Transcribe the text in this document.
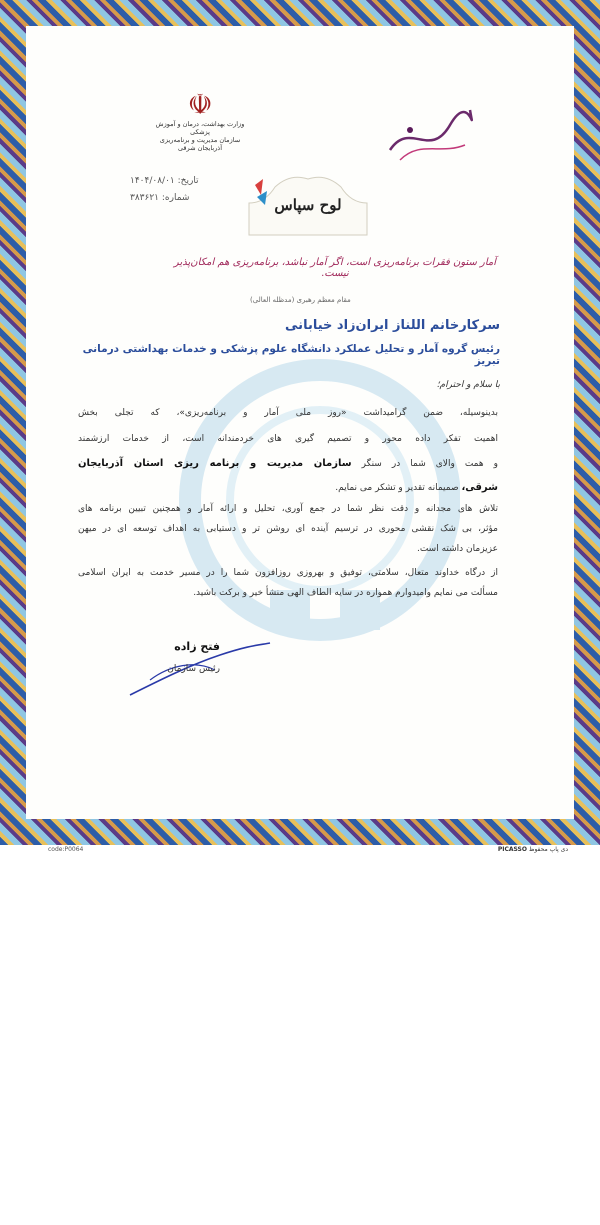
☫
وزارت بهداشت، درمان و آموزش پزشکی
سازمان مدیریت و برنامه‌ریزی
آذربایجان شرقی
تاریخ: ۱۴۰۴/۰۸/۰۱
شماره: ۳۸۳۶۲۱	لوح سپاس
آمار ستون فقرات برنامه‌ریزی است، اگر آمار نباشد، برنامه‌ریزی هم امکان‌پذیر نیست.
مقام معظم رهبری (مدظله العالی)
سرکارخانم اللناز ایران‌زاد خیابانی
رئیس گروه آمار و تحلیل عملکرد دانشگاه علوم پزشکی و خدمات بهداشتی درمانی تبریز
با سلام و احترام؛
بدینوسیله، ضمن گرامیداشت «روز ملی آمار و برنامه‌ریزی»، که تجلی بخش
اهمیت تفکر داده محور و تصمیم گیری های خردمندانه است، از خدمات ارزشمند
و همت والای شما در سنگر سازمان مدیریت و برنامه ریزی استان آذربایجان
شرقی، صمیمانه تقدیر و تشکر می نمایم.
تلاش های مجدانه و دقت نظر شما در جمع آوری، تحلیل و ارائه آمار و همچنین تبیین برنامه های
مؤثر، بی شک نقشی محوری در ترسیم آینده ای روشن تر و دستیابی به اهداف توسعه ای در میهن
عزیزمان داشته است.
از درگاه خداوند متعال، سلامتی، توفیق و بهروزی روزافزون شما را در مسیر خدمت به ایران اسلامی
مسألت می نمایم وامیدوارم همواره در سایه الطاف الهی منشأ خیر و برکت باشید.
فتح زاده
رئیس سازمان
code:P0064	دی پاپ محفوظ PICASSO
